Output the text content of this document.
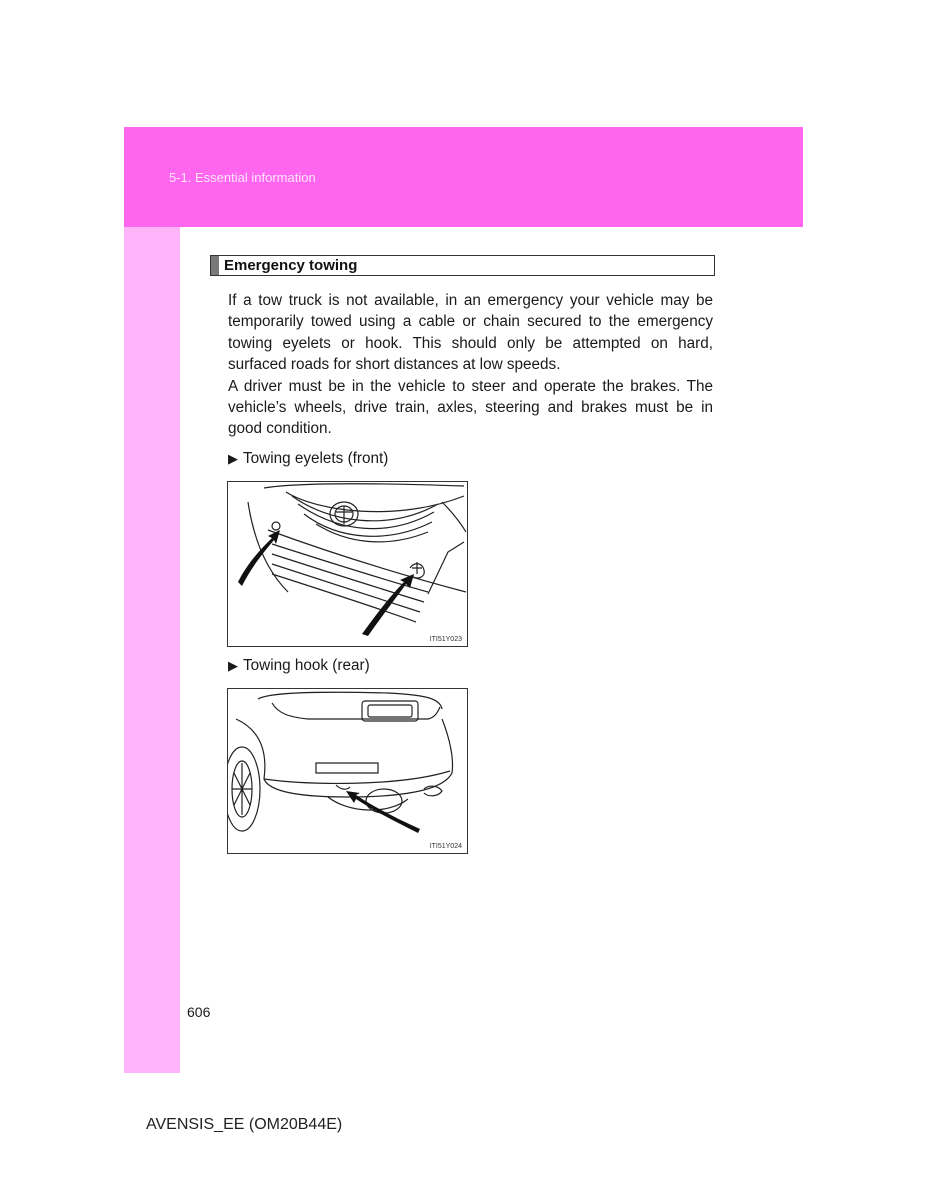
5-1. Essential information
Emergency towing

If a tow truck is not available, in an emergency your vehicle may be temporarily towed using a cable or chain secured to the emergency towing eyelets or hook. This should only be attempted on hard, surfaced roads for short distances at low speeds.

A driver must be in the vehicle to steer and operate the brakes. The vehicle’s wheels, drive train, axles, steering and brakes must be in good condition.

▶ Towing eyelets (front)
ITI51Y023
▶ Towing hook (rear)
ITI51Y024
606
AVENSIS_EE (OM20B44E)
